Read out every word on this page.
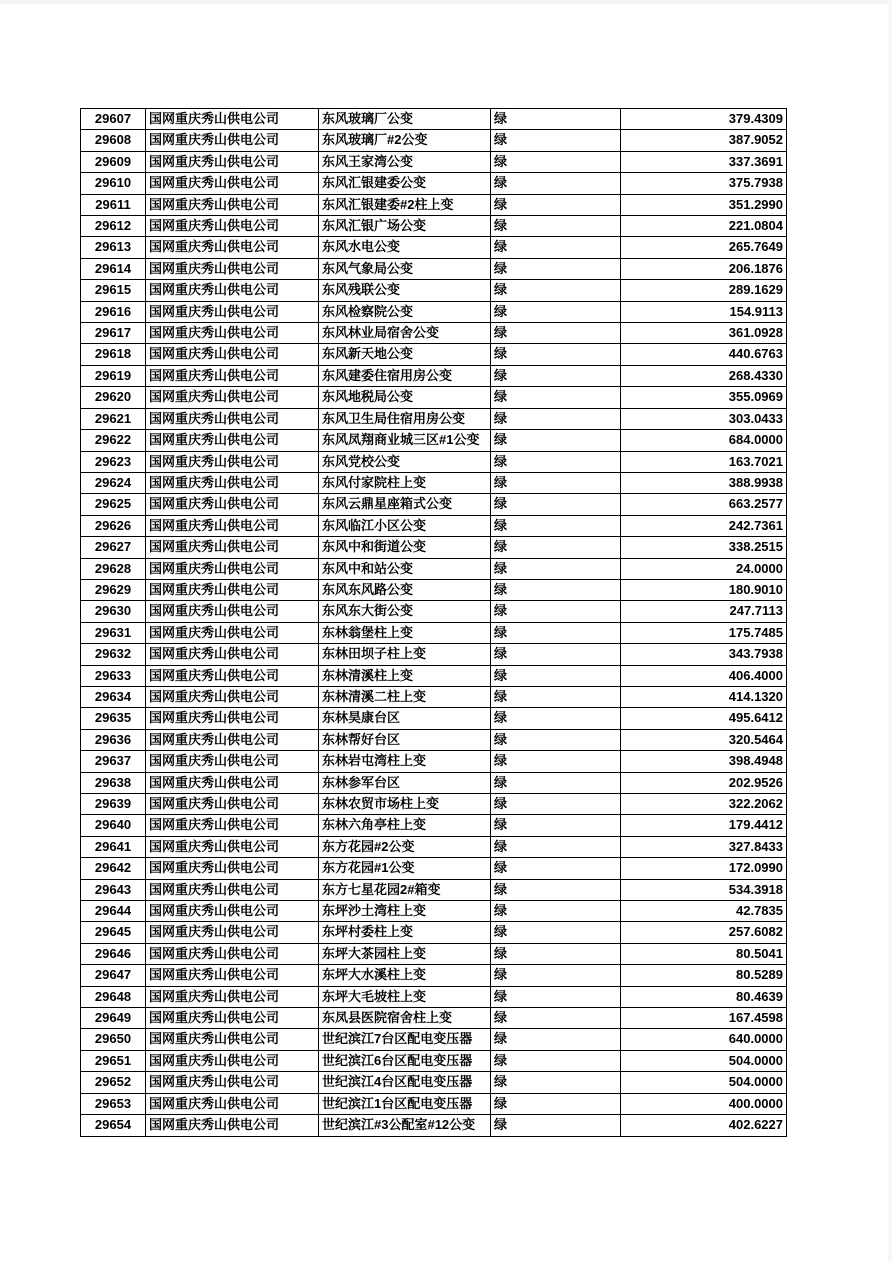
29607	国网重庆秀山供电公司	东风玻璃厂公变	绿	379.4309
29608	国网重庆秀山供电公司	东风玻璃厂#2公变	绿	387.9052
29609	国网重庆秀山供电公司	东风王家湾公变	绿	337.3691
29610	国网重庆秀山供电公司	东风汇银建委公变	绿	375.7938
29611	国网重庆秀山供电公司	东风汇银建委#2柱上变	绿	351.2990
29612	国网重庆秀山供电公司	东风汇银广场公变	绿	221.0804
29613	国网重庆秀山供电公司	东风水电公变	绿	265.7649
29614	国网重庆秀山供电公司	东风气象局公变	绿	206.1876
29615	国网重庆秀山供电公司	东风残联公变	绿	289.1629
29616	国网重庆秀山供电公司	东风检察院公变	绿	154.9113
29617	国网重庆秀山供电公司	东风林业局宿舍公变	绿	361.0928
29618	国网重庆秀山供电公司	东风新天地公变	绿	440.6763
29619	国网重庆秀山供电公司	东风建委住宿用房公变	绿	268.4330
29620	国网重庆秀山供电公司	东风地税局公变	绿	355.0969
29621	国网重庆秀山供电公司	东风卫生局住宿用房公变	绿	303.0433
29622	国网重庆秀山供电公司	东风凤翔商业城三区#1公变	绿	684.0000
29623	国网重庆秀山供电公司	东风党校公变	绿	163.7021
29624	国网重庆秀山供电公司	东风付家院柱上变	绿	388.9938
29625	国网重庆秀山供电公司	东风云鼎星座箱式公变	绿	663.2577
29626	国网重庆秀山供电公司	东风临江小区公变	绿	242.7361
29627	国网重庆秀山供电公司	东风中和街道公变	绿	338.2515
29628	国网重庆秀山供电公司	东风中和站公变	绿	24.0000
29629	国网重庆秀山供电公司	东风东风路公变	绿	180.9010
29630	国网重庆秀山供电公司	东风东大街公变	绿	247.7113
29631	国网重庆秀山供电公司	东林翁堡柱上变	绿	175.7485
29632	国网重庆秀山供电公司	东林田坝子柱上变	绿	343.7938
29633	国网重庆秀山供电公司	东林清溪柱上变	绿	406.4000
29634	国网重庆秀山供电公司	东林清溪二柱上变	绿	414.1320
29635	国网重庆秀山供电公司	东林昊康台区	绿	495.6412
29636	国网重庆秀山供电公司	东林帮好台区	绿	320.5464
29637	国网重庆秀山供电公司	东林岩屯湾柱上变	绿	398.4948
29638	国网重庆秀山供电公司	东林参军台区	绿	202.9526
29639	国网重庆秀山供电公司	东林农贸市场柱上变	绿	322.2062
29640	国网重庆秀山供电公司	东林六角亭柱上变	绿	179.4412
29641	国网重庆秀山供电公司	东方花园#2公变	绿	327.8433
29642	国网重庆秀山供电公司	东方花园#1公变	绿	172.0990
29643	国网重庆秀山供电公司	东方七星花园2#箱变	绿	534.3918
29644	国网重庆秀山供电公司	东坪沙土湾柱上变	绿	42.7835
29645	国网重庆秀山供电公司	东坪村委柱上变	绿	257.6082
29646	国网重庆秀山供电公司	东坪大茶园柱上变	绿	80.5041
29647	国网重庆秀山供电公司	东坪大水溪柱上变	绿	80.5289
29648	国网重庆秀山供电公司	东坪大毛坡柱上变	绿	80.4639
29649	国网重庆秀山供电公司	东凤县医院宿舍柱上变	绿	167.4598
29650	国网重庆秀山供电公司	世纪滨江7台区配电变压器	绿	640.0000
29651	国网重庆秀山供电公司	世纪滨江6台区配电变压器	绿	504.0000
29652	国网重庆秀山供电公司	世纪滨江4台区配电变压器	绿	504.0000
29653	国网重庆秀山供电公司	世纪滨江1台区配电变压器	绿	400.0000
29654	国网重庆秀山供电公司	世纪滨江#3公配室#12公变	绿	402.6227
